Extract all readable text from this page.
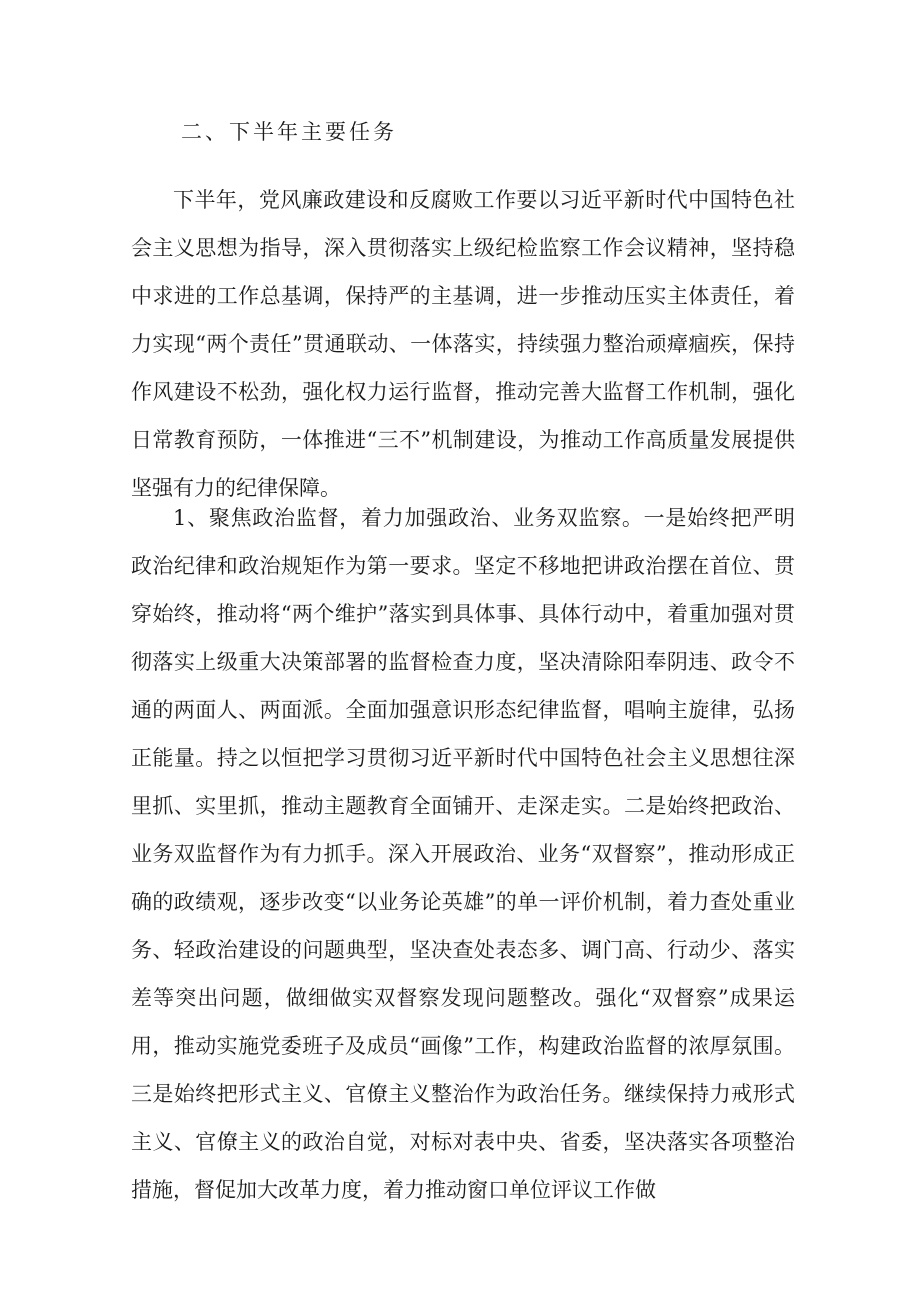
二、下半年主要任务

下半年，党风廉政建设和反腐败工作要以习近平新时代中国特色社会主义思想为指导，深入贯彻落实上级纪检监察工作会议精神，坚持稳中求进的工作总基调，保持严的主基调，进一步推动压实主体责任，着力实现“两个责任”贯通联动、一体落实，持续强力整治顽瘴痼疾，保持作风建设不松劲，强化权力运行监督，推动完善大监督工作机制，强化日常教育预防，一体推进“三不”机制建设，为推动工作高质量发展提供坚强有力的纪律保障。

1、聚焦政治监督，着力加强政治、业务双监察。一是始终把严明政治纪律和政治规矩作为第一要求。坚定不移地把讲政治摆在首位、贯穿始终，推动将“两个维护”落实到具体事、具体行动中，着重加强对贯彻落实上级重大决策部署的监督检查力度，坚决清除阳奉阴违、政令不通的两面人、两面派。全面加强意识形态纪律监督，唱响主旋律，弘扬正能量。持之以恒把学习贯彻习近平新时代中国特色社会主义思想往深里抓、实里抓，推动主题教育全面铺开、走深走实。二是始终把政治、业务双监督作为有力抓手。深入开展政治、业务“双督察”，推动形成正确的政绩观，逐步改变“以业务论英雄”的单一评价机制，着力查处重业务、轻政治建设的问题典型，坚决查处表态多、调门高、行动少、落实差等突出问题，做细做实双督察发现问题整改。强化“双督察”成果运用，推动实施党委班子及成员“画像”工作，构建政治监督的浓厚氛围。三是始终把形式主义、官僚主义整治作为政治任务。继续保持力戒形式主义、官僚主义的政治自觉，对标对表中央、省委，坚决落实各项整治措施，督促加大改革力度，着力推动窗口单位评议工作做
